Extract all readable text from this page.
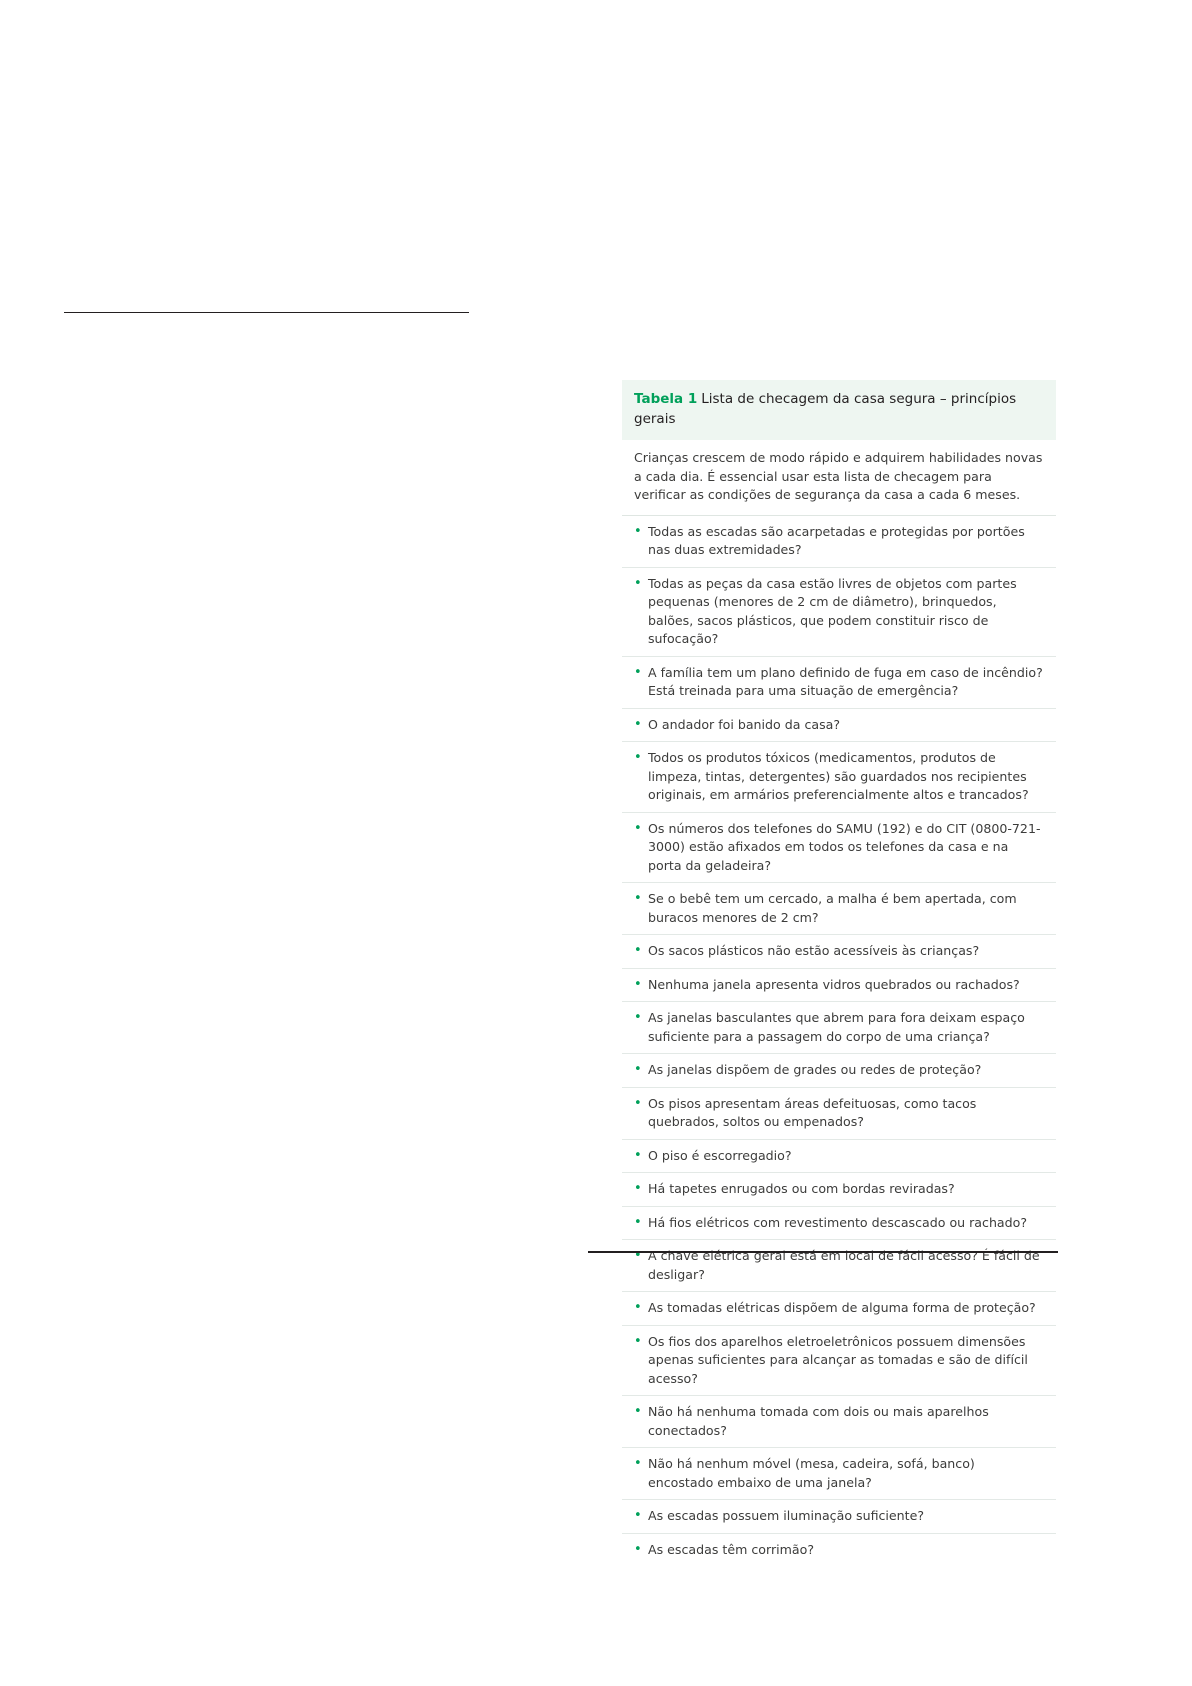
Tabela 1 Lista de checagem da casa segura – princípios gerais
Crianças crescem de modo rápido e adquirem habilidades novas a cada dia. É essencial usar esta lista de checagem para verificar as condições de segurança da casa a cada 6 meses.
• Todas as escadas são acarpetadas e protegidas por portões nas duas extremidades?
• Todas as peças da casa estão livres de objetos com partes pequenas (menores de 2 cm de diâmetro), brinquedos, balões, sacos plásticos, que podem constituir risco de sufocação?
• A família tem um plano definido de fuga em caso de incêndio? Está treinada para uma situação de emergência?
• O andador foi banido da casa?
• Todos os produtos tóxicos (medicamentos, produtos de limpeza, tintas, detergentes) são guardados nos recipientes originais, em armários preferencialmente altos e trancados?
• Os números dos telefones do SAMU (192) e do CIT (0800-721-3000) estão afixados em todos os telefones da casa e na porta da geladeira?
• Se o bebê tem um cercado, a malha é bem apertada, com buracos menores de 2 cm?
• Os sacos plásticos não estão acessíveis às crianças?
• Nenhuma janela apresenta vidros quebrados ou rachados?
• As janelas basculantes que abrem para fora deixam espaço suficiente para a passagem do corpo de uma criança?
• As janelas dispõem de grades ou redes de proteção?
• Os pisos apresentam áreas defeituosas, como tacos quebrados, soltos ou empenados?
• O piso é escorregadio?
• Há tapetes enrugados ou com bordas reviradas?
• Há fios elétricos com revestimento descascado ou rachado?
• A chave elétrica geral está em local de fácil acesso? É fácil de desligar?
• As tomadas elétricas dispõem de alguma forma de proteção?
• Os fios dos aparelhos eletroeletrônicos possuem dimensões apenas suficientes para alcançar as tomadas e são de difícil acesso?
• Não há nenhuma tomada com dois ou mais aparelhos conectados?
• Não há nenhum móvel (mesa, cadeira, sofá, banco) encostado embaixo de uma janela?
• As escadas possuem iluminação suficiente?
• As escadas têm corrimão?
